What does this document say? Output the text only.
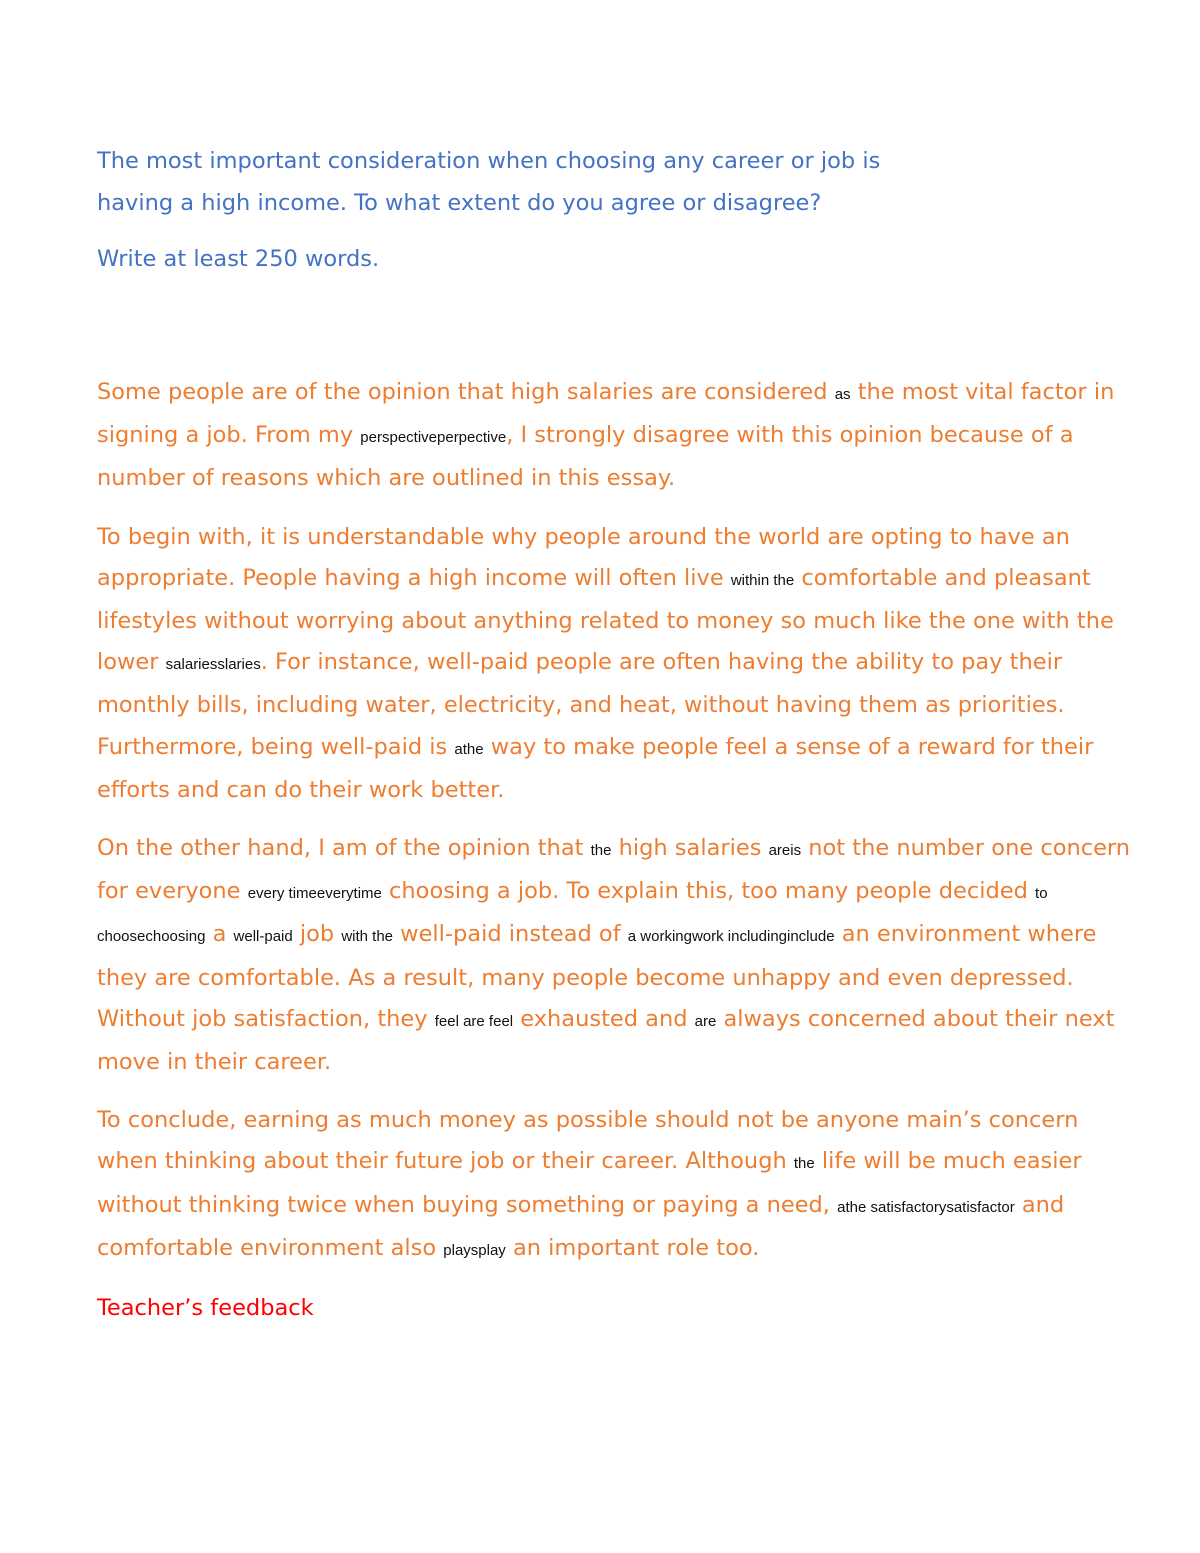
The most important consideration when choosing any career or job is
having a high income. To what extent do you agree or disagree?

Write at least 250 words.

Some people are of the opinion that high salaries are considered as the most vital factor in signing a job. From my perspectiveperpective, I strongly disagree with this opinion because of a number of reasons which are outlined in this essay.

To begin with, it is understandable why people around the world are opting to have an appropriate. People having a high income will often live within the comfortable and pleasant lifestyles without worrying about anything related to money so much like the one with the lower salariesslaries. For instance, well-paid people are often having the ability to pay their monthly bills, including water, electricity, and heat, without having them as priorities. Furthermore, being well-paid is athe way to make people feel a sense of a reward for their efforts and can do their work better.

On the other hand, I am of the opinion that the high salaries areis not the number one concern for everyone every timeeverytime choosing a job. To explain this, too many people decided to choosechoosing a well-paid job with the well-paid instead of a workingwork includinginclude an environment where they are comfortable. As a result, many people become unhappy and even depressed. Without job satisfaction, they feel are feel exhausted and are always concerned about their next move in their career.

To conclude, earning as much money as possible should not be anyone main’s concern when thinking about their future job or their career. Although the life will be much easier without thinking twice when buying something or paying a need, athe satisfactorysatisfactor and comfortable environment also playsplay an important role too.

Teacher’s feedback
